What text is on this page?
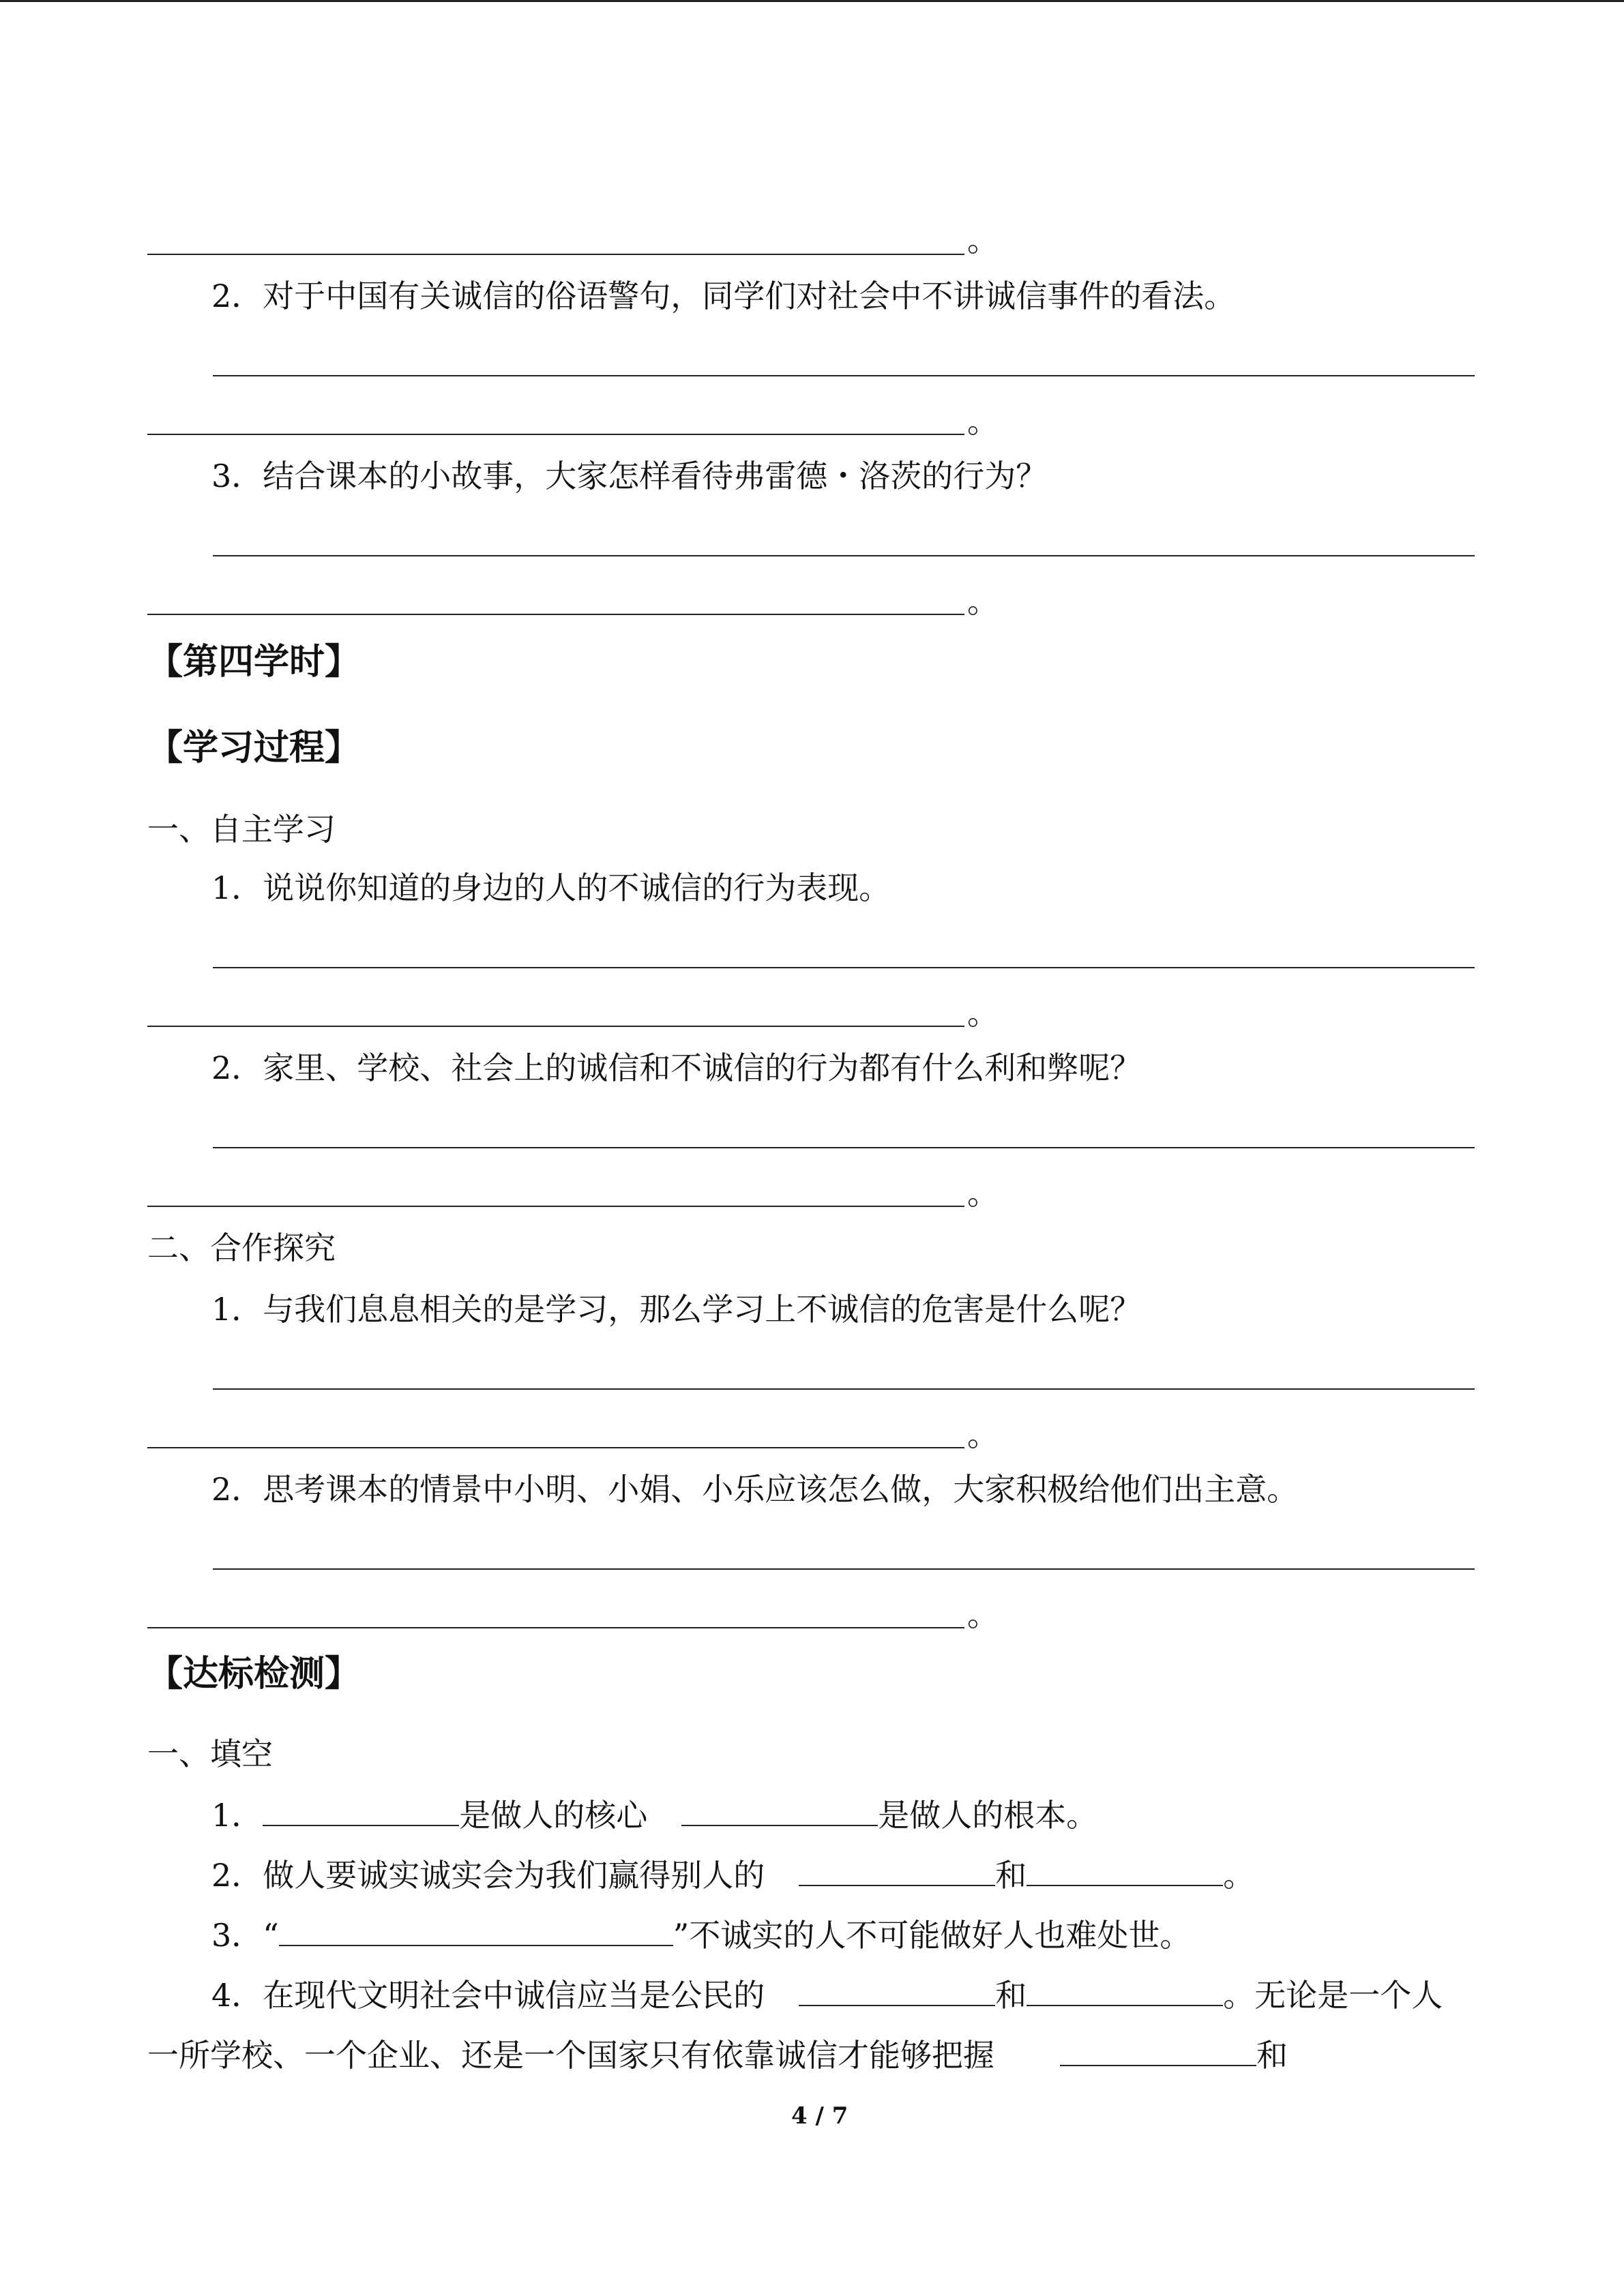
。
2．对于中国有关诚信的俗语警句，同学们对社会中不讲诚信事件的看法。
。
3．结合课本的小故事，大家怎样看待弗雷德・洛茨的行为？
。
【第四学时】
【学习过程】
一、自主学习
1．说说你知道的身边的人的不诚信的行为表现。
。
2．家里、学校、社会上的诚信和不诚信的行为都有什么利和弊呢？
。
二、合作探究
1．与我们息息相关的是学习，那么学习上不诚信的危害是什么呢？
。
2．思考课本的情景中小明、小娟、小乐应该怎么做，大家积极给他们出主意。
。
【达标检测】
一、填空
1．	是做人的核心	是做人的根本。
2．做人要诚实诚实会为我们赢得别人的	和	。
3．“	”不诚实的人不可能做好人也难处世。
4．在现代文明社会中诚信应当是公民的	和	。无论是一个人
一所学校、一个企业、还是一个国家只有依靠诚信才能够把握	和
4 / 7
